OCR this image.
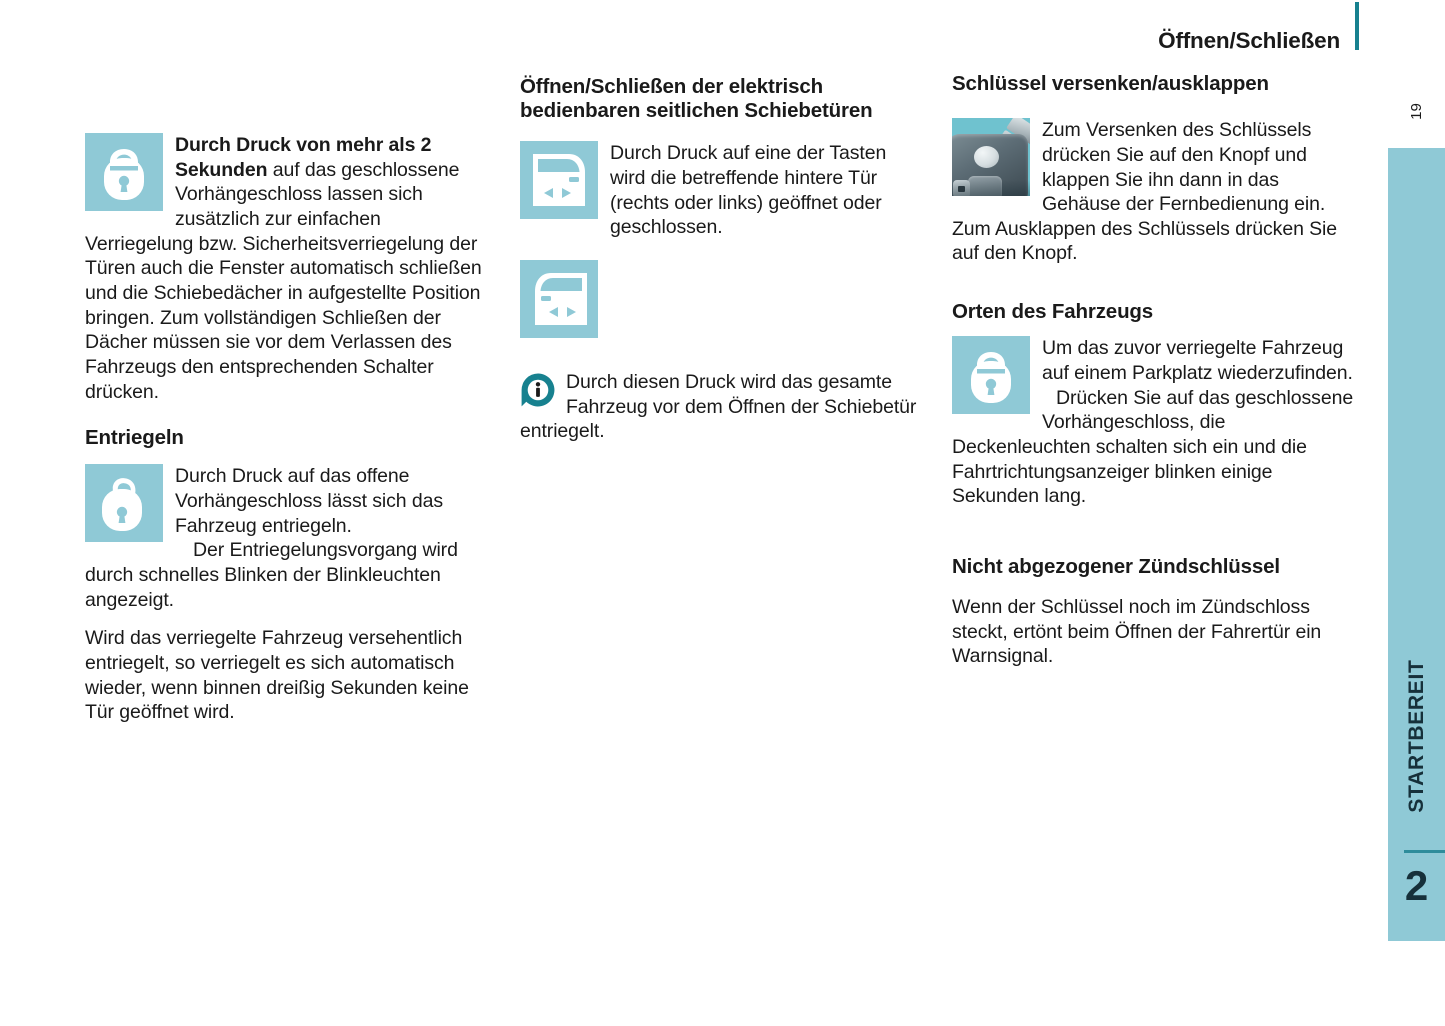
Öffnen/Schließen
19
STARTBEREIT
2
Durch Druck von mehr als 2 Sekunden auf das geschlossene Vorhängeschloss lassen sich zusätzlich zur einfachen Verriegelung bzw. Sicherheitsverriegelung der Türen auch die Fenster automatisch schließen und die Schiebedächer in aufgestellte Position bringen. Zum vollständigen Schließen der Dächer müssen sie vor dem Verlassen des Fahrzeugs den entsprechenden Schalter drücken.
Entriegeln
Durch Druck auf das offene Vorhängeschloss lässt sich das Fahrzeug entriegeln.
Der Entriegelungsvorgang wird durch schnelles Blinken der Blinkleuchten angezeigt.
Wird das verriegelte Fahrzeug versehentlich entriegelt, so verriegelt es sich automatisch wieder, wenn binnen dreißig Sekunden keine Tür geöffnet wird.
Öffnen/Schließen der elektrisch bedienbaren seitlichen Schiebetüren
Durch Druck auf eine der Tasten wird die betreffende hintere Tür (rechts oder links) geöffnet oder geschlossen.
Durch diesen Druck wird das gesamte Fahrzeug vor dem Öffnen der Schiebetür entriegelt.
Schlüssel versenken/ausklappen
Zum Versenken des Schlüssels drücken Sie auf den Knopf und klappen Sie ihn dann in das Gehäuse der Fernbedienung ein.
Zum Ausklappen des Schlüssels drücken Sie auf den Knopf.
Orten des Fahrzeugs
Um das zuvor verriegelte Fahrzeug auf einem Parkplatz wiederzufinden.
Drücken Sie auf das geschlossene Vorhängeschloss, die Deckenleuchten schalten sich ein und die Fahrtrichtungsanzeiger blinken einige Sekunden lang.
Nicht abgezogener Zündschlüssel
Wenn der Schlüssel noch im Zündschloss steckt, ertönt beim Öffnen der Fahrertür ein Warnsignal.
